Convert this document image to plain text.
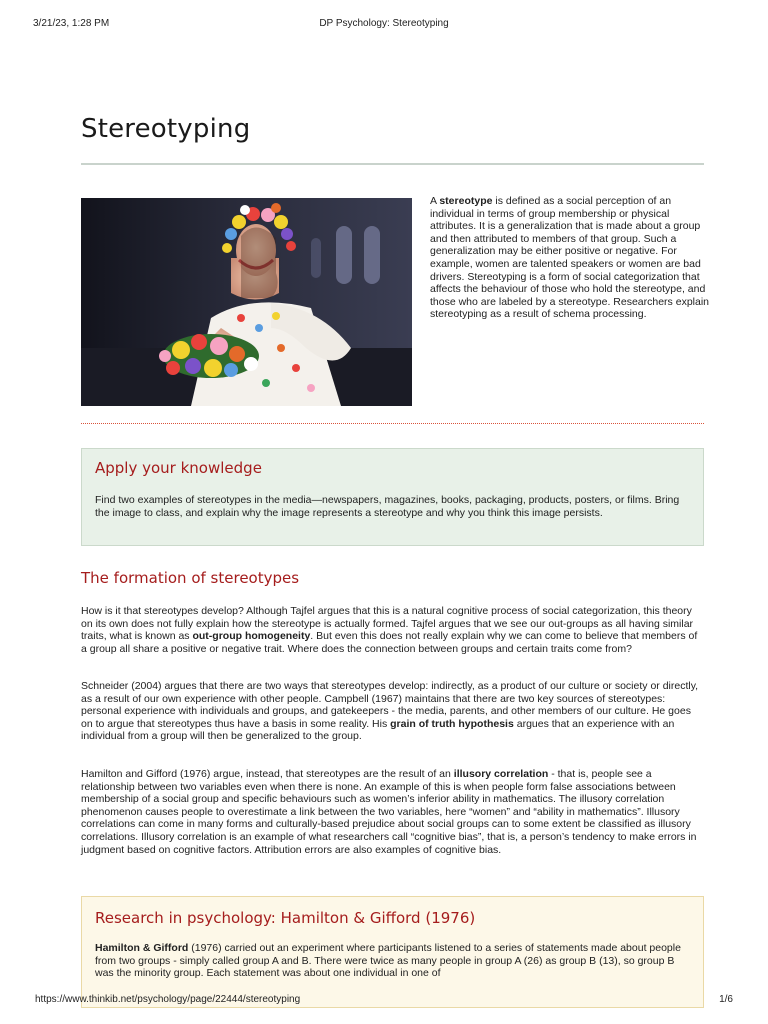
3/21/23, 1:28 PM	DP Psychology: Stereotyping
Stereotyping

A stereotype is defined as a social perception of an individual in terms of group membership or physical attributes. It is a generalization that is made about a group and then attributed to members of that group. Such a generalization may be either positive or negative. For example, women are talented speakers or women are bad drivers. Stereotyping is a form of social categorization that affects the behaviour of those who hold the stereotype, and those who are labeled by a stereotype. Researchers explain stereotyping as a result of schema processing.

Apply your knowledge

Find two examples of stereotypes in the media—newspapers, magazines, books, packaging, products, posters, or films. Bring the image to class, and explain why the image represents a stereotype and why you think this image persists.

The formation of stereotypes

How is it that stereotypes develop? Although Tajfel argues that this is a natural cognitive process of social categorization, this theory on its own does not fully explain how the stereotype is actually formed. Tajfel argues that we see our out-groups as all having similar traits, what is known as out-group homogeneity. But even this does not really explain why we can come to believe that members of a group all share a positive or negative trait. Where does the connection between groups and certain traits come from?

Schneider (2004) argues that there are two ways that stereotypes develop: indirectly, as a product of our culture or society or directly, as a result of our own experience with other people. Campbell (1967) maintains that there are two key sources of stereotypes: personal experience with individuals and groups, and gatekeepers - the media, parents, and other members of our culture. He goes on to argue that stereotypes thus have a basis in some reality. His grain of truth hypothesis argues that an experience with an individual from a group will then be generalized to the group.

Hamilton and Gifford (1976) argue, instead, that stereotypes are the result of an illusory correlation - that is, people see a relationship between two variables even when there is none. An example of this is when people form false associations between membership of a social group and specific behaviours such as women’s inferior ability in mathematics. The illusory correlation phenomenon causes people to overestimate a link between the two variables, here “women” and “ability in mathematics”. Illusory correlations can come in many forms and culturally-based prejudice about social groups can to some extent be classified as illusory correlations. Illusory correlation is an example of what researchers call “cognitive bias”, that is, a person’s tendency to make errors in judgment based on cognitive factors. Attribution errors are also examples of cognitive bias.

Research in psychology: Hamilton & Gifford (1976)

Hamilton & Gifford (1976) carried out an experiment where participants listened to a series of statements made about people from two groups - simply called group A and B. There were twice as many people in group A (26) as group B (13), so group B was the minority group. Each statement was about one individual in one of

https://www.thinkib.net/psychology/page/22444/stereotyping	1/6
